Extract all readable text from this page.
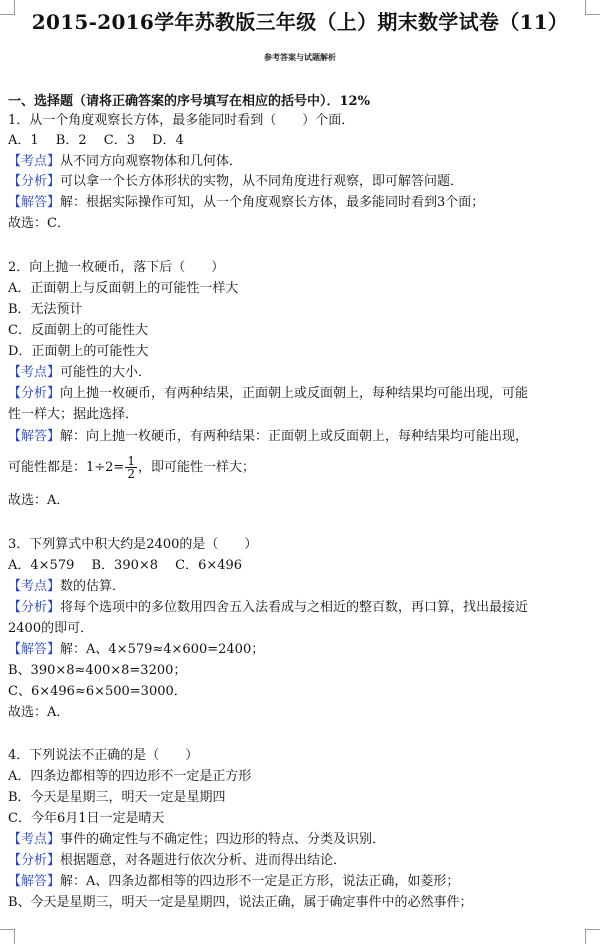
2015-2016学年苏教版三年级（上）期末数学试卷（11）
参考答案与试题解析
一、选择题（请将正确答案的序号填写在相应的括号中）．12%
1．从一个角度观察长方体，最多能同时看到（　　）个面．
A．1　 B．2　 C．3　 D．4
【考点】从不同方向观察物体和几何体．
【分析】可以拿一个长方体形状的实物，从不同角度进行观察，即可解答问题．
【解答】解：根据实际操作可知，从一个角度观察长方体，最多能同时看到3个面；
故选：C．
2．向上抛一枚硬币，落下后（　　）
A．正面朝上与反面朝上的可能性一样大
B．无法预计
C．反面朝上的可能性大
D．正面朝上的可能性大
【考点】可能性的大小．
【分析】向上抛一枚硬币，有两种结果，正面朝上或反面朝上，每种结果均可能出现，可能
性一样大；据此选择．
【解答】解：向上抛一枚硬币，有两种结果：正面朝上或反面朝上，每种结果均可能出现，
可能性都是：$1\div 2= \frac{1}{2}$ ，即可能性一样大；
故选：A．
3．下列算式中积大约是2400的是（　　）
A．4×579　 B．390×8　 C．6×496
【考点】数的估算．
【分析】将每个选项中的多位数用四舍五入法看成与之相近的整百数，再口算，找出最接近
2400的即可．
【解答】解：A、4×579≈4×600=2400；
B、390×8≈400×8=3200；
C、6×496≈6×500=3000．
故选：A．
4．下列说法不正确的是（　　）
A．四条边都相等的四边形不一定是正方形
B．今天是星期三，明天一定是星期四
C．今年6月1日一定是晴天
【考点】事件的确定性与不确定性；四边形的特点、分类及识别．
【分析】根据题意，对各题进行依次分析、进而得出结论．
【解答】解：A、四条边都相等的四边形不一定是正方形，说法正确，如菱形；
B、今天是星期三，明天一定是星期四，说法正确，属于确定事件中的必然事件；
